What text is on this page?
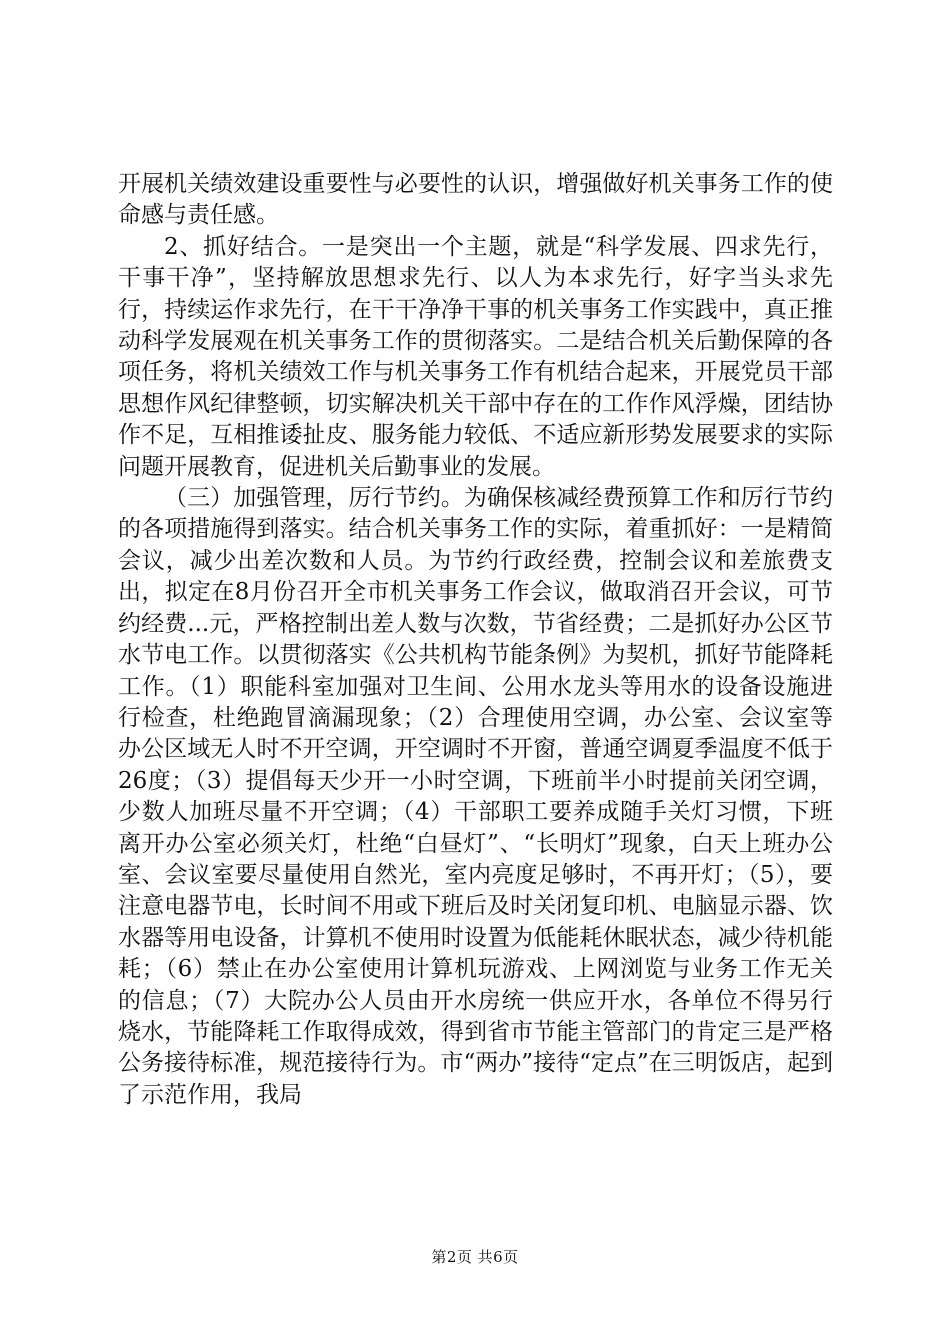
开展机关绩效建设重要性与必要性的认识，增强做好机关事务工作的使命感与责任感。

2、抓好结合。一是突出一个主题，就是“科学发展、四求先行，干事干净”，坚持解放思想求先行、以人为本求先行，好字当头求先行，持续运作求先行，在干干净净干事的机关事务工作实践中，真正推动科学发展观在机关事务工作的贯彻落实。二是结合机关后勤保障的各项任务，将机关绩效工作与机关事务工作有机结合起来，开展党员干部思想作风纪律整顿，切实解决机关干部中存在的工作作风浮燥，团结协作不足，互相推诿扯皮、服务能力较低、不适应新形势发展要求的实际问题开展教育，促进机关后勤事业的发展。

（三）加强管理，厉行节约。为确保核减经费预算工作和厉行节约的各项措施得到落实。结合机关事务工作的实际，着重抓好：一是精简会议，减少出差次数和人员。为节约行政经费，控制会议和差旅费支出，拟定在8月份召开全市机关事务工作会议，做取消召开会议，可节约经费...元，严格控制出差人数与次数，节省经费；二是抓好办公区节水节电工作。以贯彻落实《公共机构节能条例》为契机，抓好节能降耗工作。（1）职能科室加强对卫生间、公用水龙头等用水的设备设施进行检查，杜绝跑冒滴漏现象；（2）合理使用空调，办公室、会议室等办公区域无人时不开空调，开空调时不开窗，普通空调夏季温度不低于26度；（3）提倡每天少开一小时空调，下班前半小时提前关闭空调，少数人加班尽量不开空调；（4）干部职工要养成随手关灯习惯，下班离开办公室必须关灯，杜绝“白昼灯”、“长明灯”现象，白天上班办公室、会议室要尽量使用自然光，室内亮度足够时，不再开灯；（5），要注意电器节电，长时间不用或下班后及时关闭复印机、电脑显示器、饮水器等用电设备，计算机不使用时设置为低能耗休眠状态，减少待机能耗；（6）禁止在办公室使用计算机玩游戏、上网浏览与业务工作无关的信息；（7）大院办公人员由开水房统一供应开水，各单位不得另行烧水，节能降耗工作取得成效，得到省市节能主管部门的肯定三是严格公务接待标准，规范接待行为。市“两办”接待“定点”在三明饭店，起到了示范作用，我局

第2页 共6页
